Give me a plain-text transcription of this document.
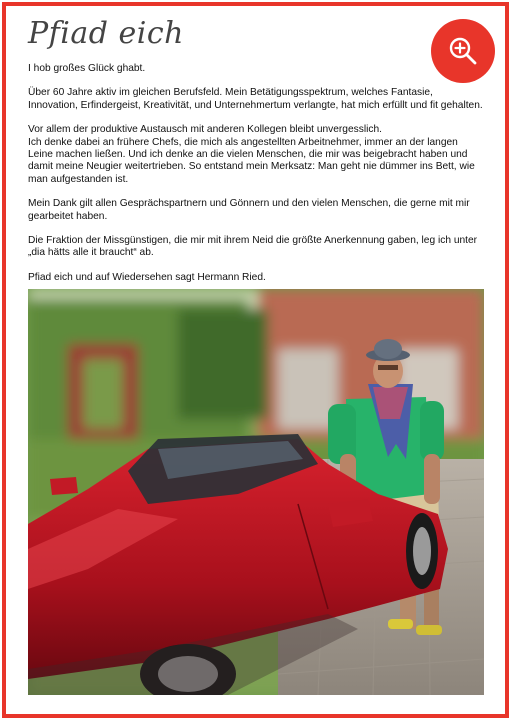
Pfiad eich

I hob großes Glück ghabt.

Über 60 Jahre aktiv im gleichen Berufsfeld. Mein Betätigungsspektrum, welches Fantasie, Innovation, Erfindergeist, Kreativität, und Unternehmertum verlangte, hat mich erfüllt und fit gehalten.

Vor allem der produktive Austausch mit anderen Kollegen bleibt unvergesslich.
Ich denke dabei an frühere Chefs, die mich als angestellten Arbeitnehmer, immer an der langen Leine machen ließen. Und ich denke an die vielen Menschen, die mir was beigebracht haben und damit meine Neugier weitertrieben. So entstand mein Merksatz: Man geht nie dümmer ins Bett, wie man aufgestanden ist.

Mein Dank gilt allen Gesprächspartnern und Gönnern und den vielen Menschen, die gerne mit mir gearbeitet haben.

Die Fraktion der Missgünstigen, die mir mit ihrem Neid die größte Anerkennung gaben, leg ich unter „dia hätts alle it braucht“ ab.

Pfiad eich und auf Wiedersehen sagt Hermann Ried.
